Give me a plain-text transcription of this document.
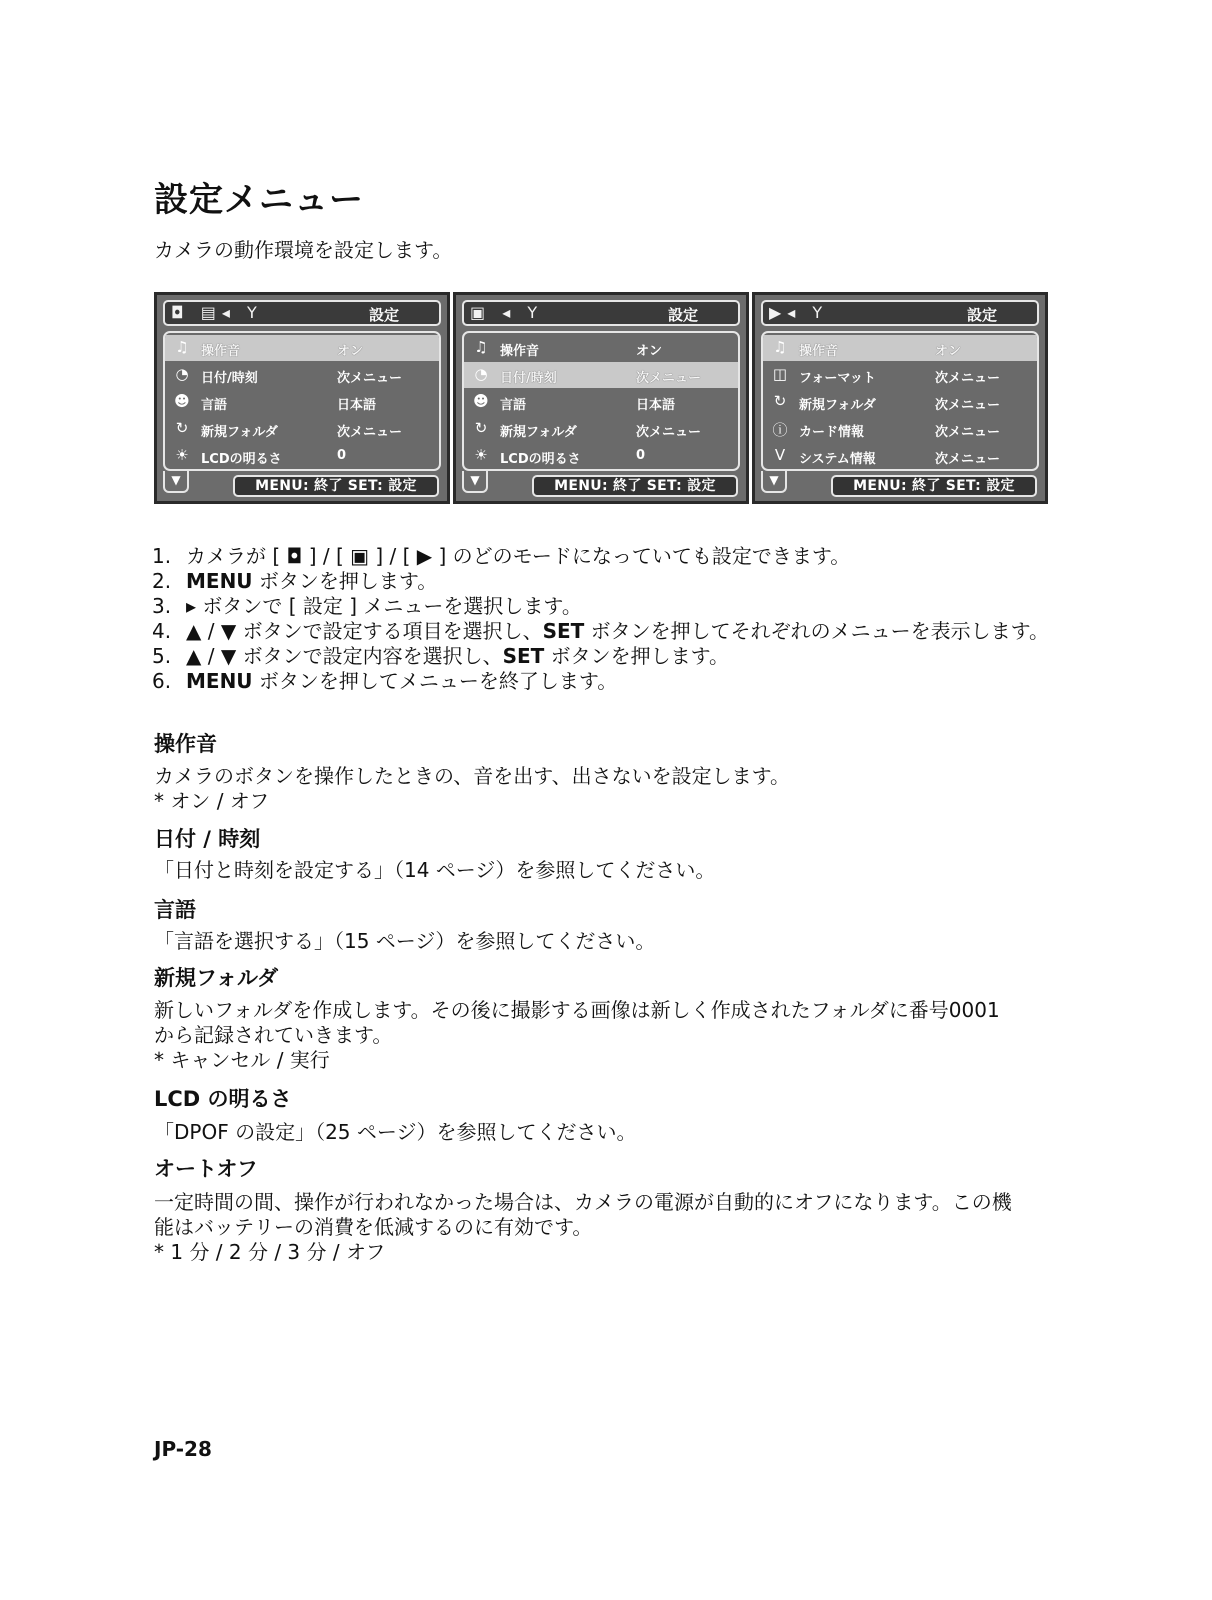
設定メニュー
カメラの動作環境を設定します。
◘ ▤◂ Y	設定
♫ 操作音	オン
◔ 日付/時刻	次メニュー
☻ 言語	日本語
↻ 新規フォルダ	次メニュー
☀ LCDの明るさ	0
▼	MENU: 終了 SET: 設定
▣ ◂ Y	設定
♫ 操作音	オン
◔ 日付/時刻	次メニュー
☻ 言語	日本語
↻ 新規フォルダ	次メニュー
☀ LCDの明るさ	0
▼	MENU: 終了 SET: 設定
▶◂ Y	設定
♫ 操作音	オン
◫ フォーマット	次メニュー
↻ 新規フォルダ	次メニュー
ⓘ カード情報	次メニュー
Ⅴ システム情報	次メニュー
▼	MENU: 終了 SET: 設定
1. カメラが [ ◘ ] / [ ▣ ] / [ ▶ ] のどのモードになっていても設定できます。
2. MENU ボタンを押します。
3. ▸ ボタンで [ 設定 ] メニューを選択します。
4. ▲ / ▼ ボタンで設定する項目を選択し、SET ボタンを押してそれぞれのメニューを表示します。
5. ▲ / ▼ ボタンで設定内容を選択し、SET ボタンを押します。
6. MENU ボタンを押してメニューを終了します。
操作音
カメラのボタンを操作したときの、音を出す、出さないを設定します。
* オン / オフ
日付 / 時刻
「日付と時刻を設定する」（14 ページ）を参照してください。
言語
「言語を選択する」（15 ページ）を参照してください。
新規フォルダ
新しいフォルダを作成します。その後に撮影する画像は新しく作成されたフォルダに番号0001
から記録されていきます。
* キャンセル / 実行
LCD の明るさ
「DPOF の設定」（25 ページ）を参照してください。
オートオフ
一定時間の間、操作が行われなかった場合は、カメラの電源が自動的にオフになります。この機
能はバッテリーの消費を低減するのに有効です。
* 1 分 / 2 分 / 3 分 / オフ
JP-28
